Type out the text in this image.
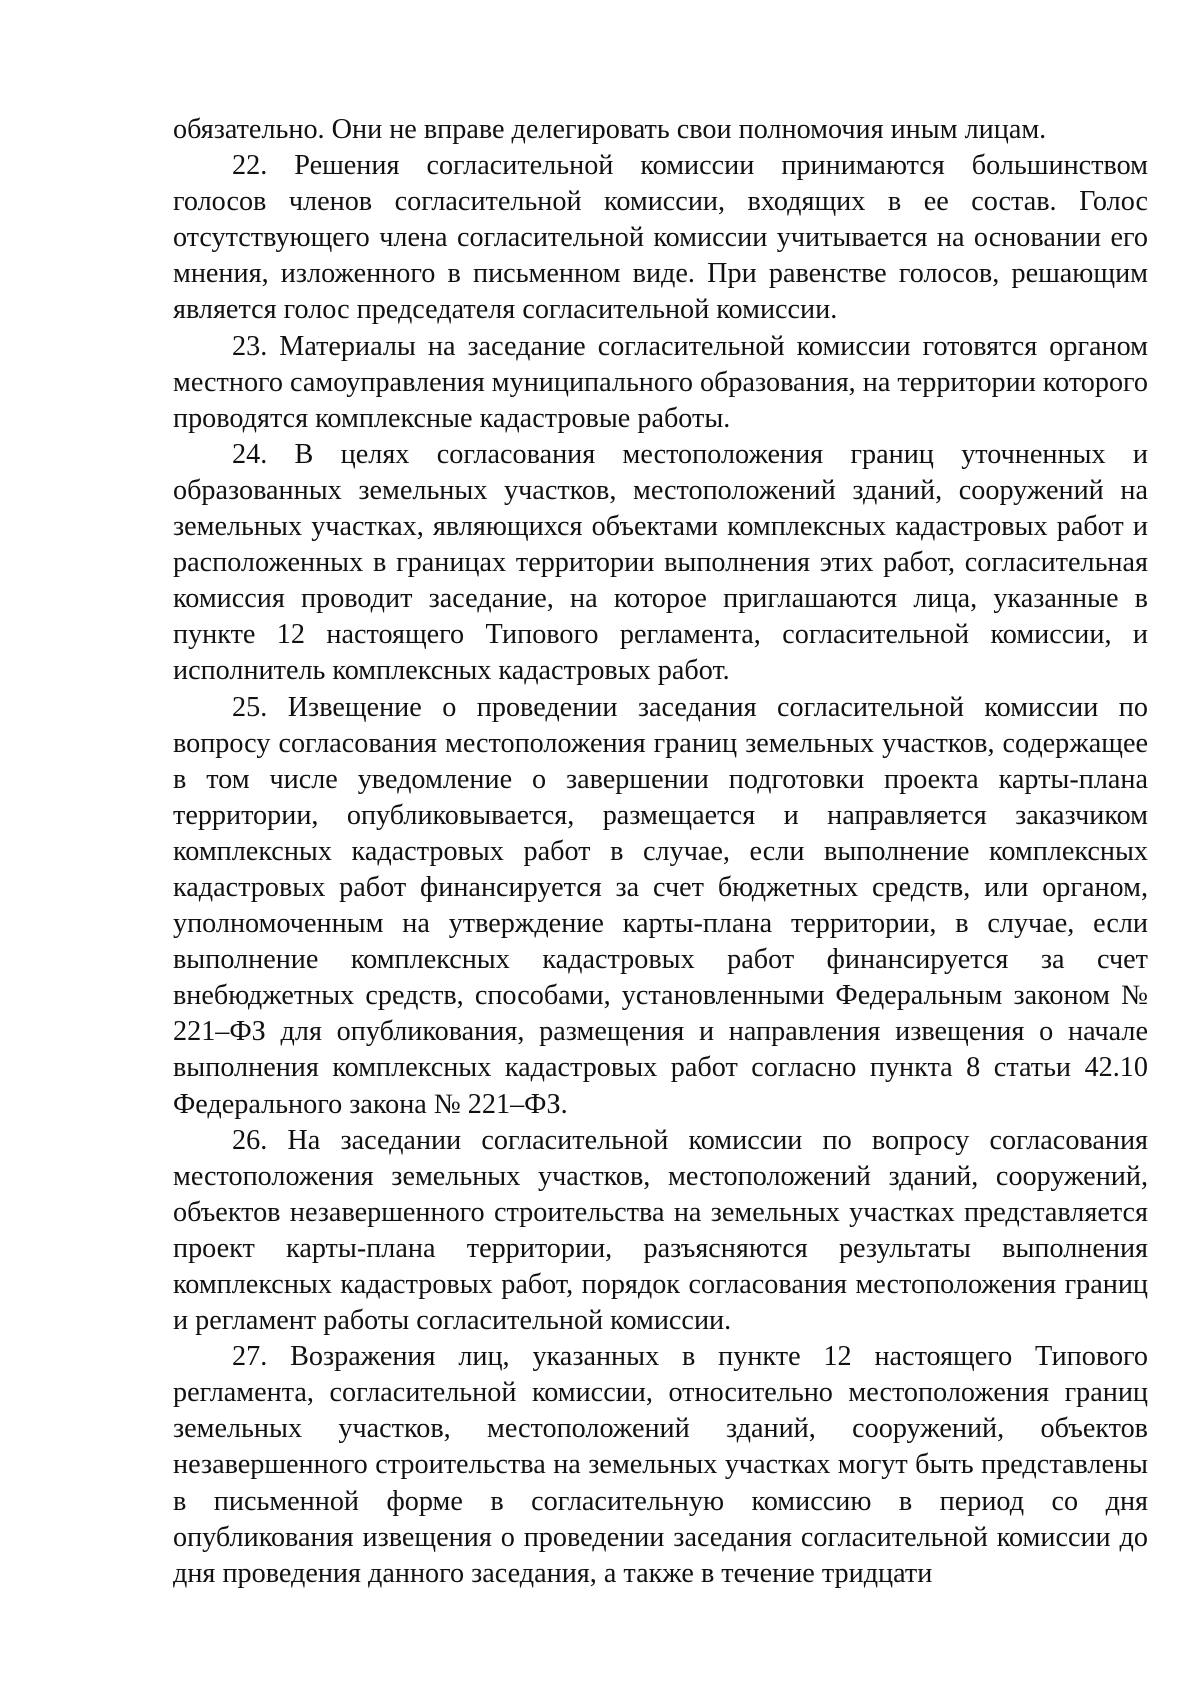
обязательно. Они не вправе делегировать свои полномочия иным лицам.

22. Решения согласительной комиссии принимаются большинством голосов членов согласительной комиссии, входящих в ее состав. Голос отсутствующего члена согласительной комиссии учитывается на основании его мнения, изложенного в письменном виде. При равенстве голосов, решающим является голос председателя согласительной комиссии.

23. Материалы на заседание согласительной комиссии готовятся органом местного самоуправления муниципального образования, на территории которого проводятся комплексные кадастровые работы.

24. В целях согласования местоположения границ уточненных и образованных земельных участков, местоположений зданий, сооружений на земельных участках, являющихся объектами комплексных кадастровых работ и расположенных в границах территории выполнения этих работ, согласительная комиссия проводит заседание, на которое приглашаются лица, указанные в пункте 12 настоящего Типового регламента, согласительной комиссии, и исполнитель комплексных кадастровых работ.

25. Извещение о проведении заседания согласительной комиссии по вопросу согласования местоположения границ земельных участков, содержащее в том числе уведомление о завершении подготовки проекта карты-плана территории, опубликовывается, размещается и направляется заказчиком комплексных кадастровых работ в случае, если выполнение комплексных кадастровых работ финансируется за счет бюджетных средств, или органом, уполномоченным на утверждение карты-плана территории, в случае, если выполнение комплексных кадастровых работ финансируется за счет внебюджетных средств, способами, установленными Федеральным законом № 221–ФЗ для опубликования, размещения и направления извещения о начале выполнения комплексных кадастровых работ согласно пункта 8 статьи 42.10 Федерального закона № 221–ФЗ.

26. На заседании согласительной комиссии по вопросу согласования местоположения земельных участков, местоположений зданий, сооружений, объектов незавершенного строительства на земельных участках представляется проект карты-плана территории, разъясняются результаты выполнения комплексных кадастровых работ, порядок согласования местоположения границ и регламент работы согласительной комиссии.

27. Возражения лиц, указанных в пункте 12 настоящего Типового регламента, согласительной комиссии, относительно местоположения границ земельных участков, местоположений зданий, сооружений, объектов незавершенного строительства на земельных участках могут быть представлены в письменной форме в согласительную комиссию в период со дня опубликования извещения о проведении заседания согласительной комиссии до дня проведения данного заседания, а также в течение тридцати
